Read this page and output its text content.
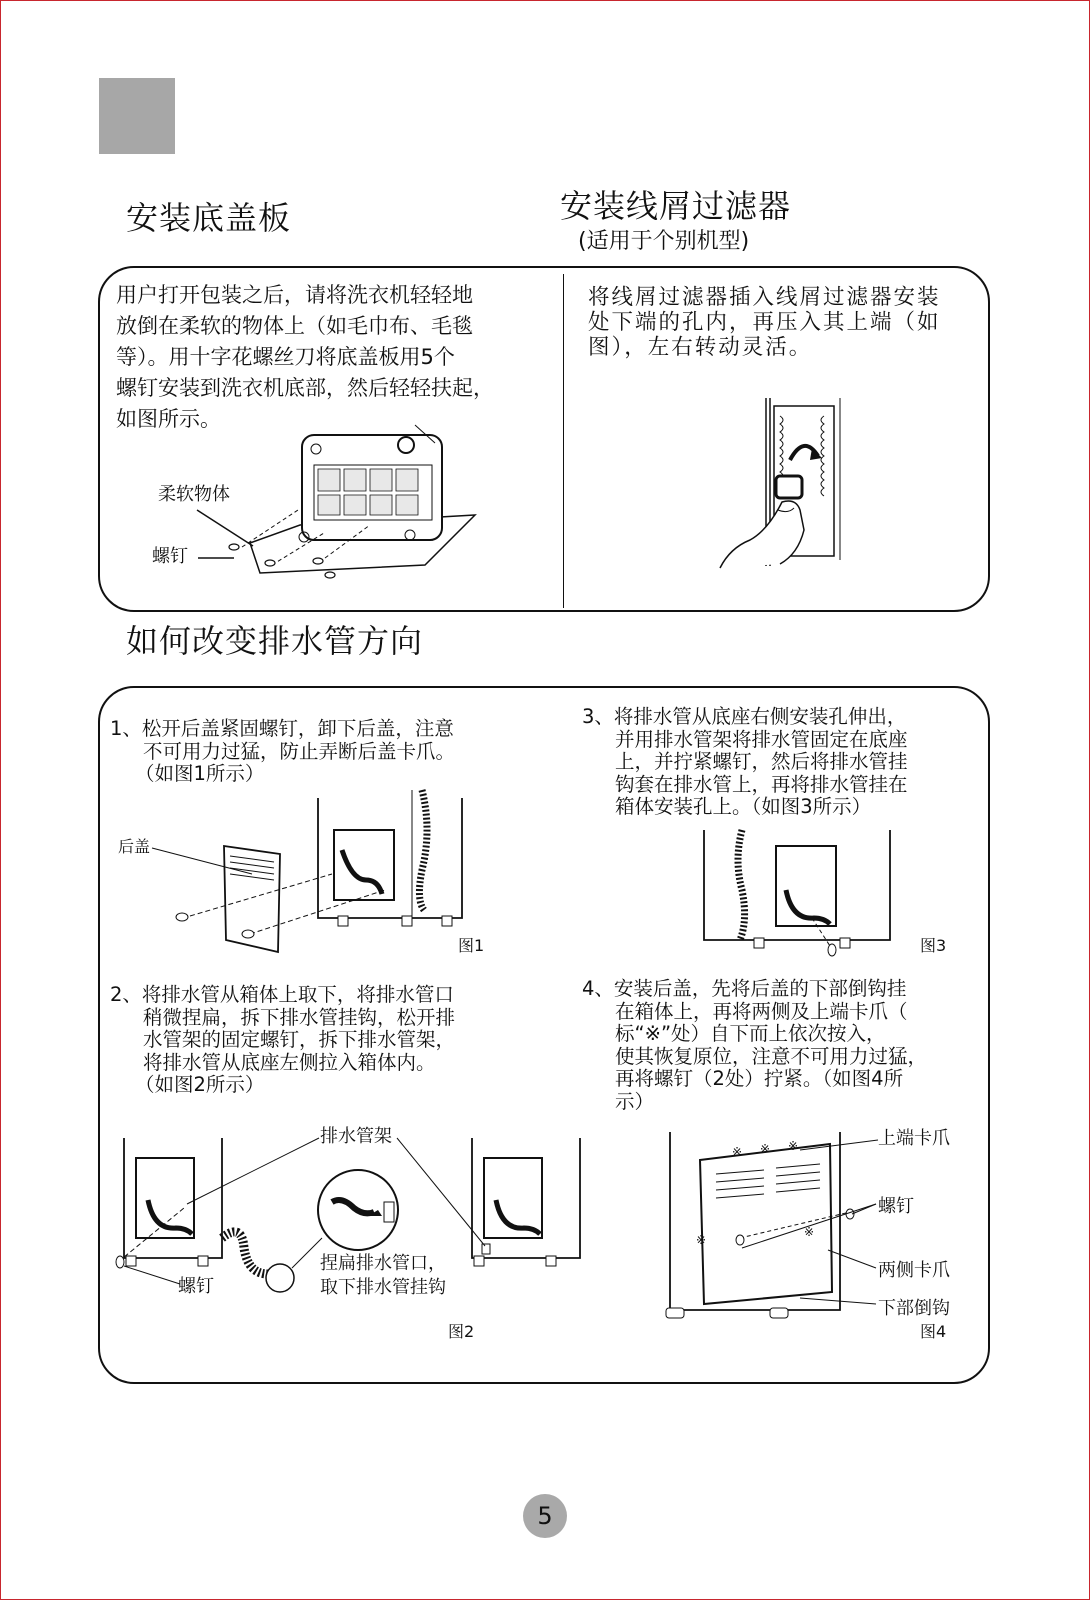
安装底盖板	安装线屑过滤器
(适用于个别机型)
用户打开包装之后，请将洗衣机轻轻地
放倒在柔软的物体上（如毛巾布、毛毯
等）。用十字花螺丝刀将底盖板用5个
螺钉安装到洗衣机底部，然后轻轻扶起，
如图所示。
将线屑过滤器插入线屑过滤器安装
处下端的孔内，再压入其上端（如
图），左右转动灵活。
柔软物体
螺钉
如何改变排水管方向
1、松开后盖紧固螺钉，卸下后盖，注意
不可用力过猛，防止弄断后盖卡爪。
（如图1所示）
后盖
图1
2、将排水管从箱体上取下，将排水管口
稍微捏扁，拆下排水管挂钩，松开排
水管架的固定螺钉，拆下排水管架，
将排水管从底座左侧拉入箱体内。
（如图2所示）
排水管架
螺钉
捏扁排水管口，
取下排水管挂钩
图2
3、将排水管从底座右侧安装孔伸出，
并用排水管架将排水管固定在底座
上，并拧紧螺钉，然后将排水管挂
钩套在排水管上，再将排水管挂在
箱体安装孔上。（如图3所示）
图3
4、安装后盖，先将后盖的下部倒钩挂
在箱体上，再将两侧及上端卡爪（
标“※”处）自下而上依次按入，
使其恢复原位，注意不可用力过猛，
再将螺钉（2处）拧紧。（如图4所
示）
※ ※ ※
※
※
上端卡爪
螺钉
两侧卡爪
下部倒钩
图4
5
